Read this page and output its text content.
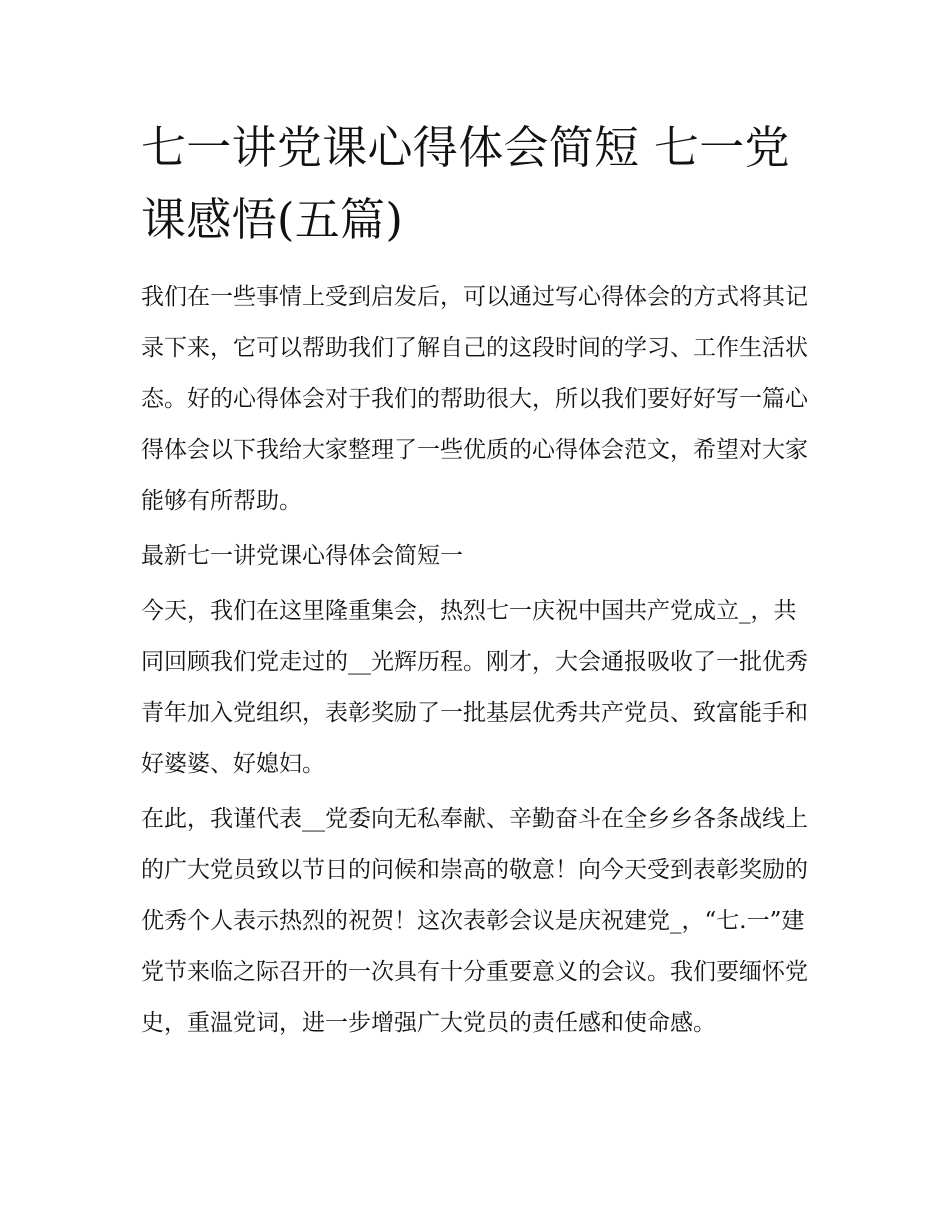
七一讲党课心得体会简短 七一党课感悟(五篇)

我们在一些事情上受到启发后，可以通过写心得体会的方式将其记录下来，它可以帮助我们了解自己的这段时间的学习、工作生活状态。好的心得体会对于我们的帮助很大，所以我们要好好写一篇心得体会以下我给大家整理了一些优质的心得体会范文，希望对大家能够有所帮助。

最新七一讲党课心得体会简短一

今天，我们在这里隆重集会，热烈七一庆祝中国共产党成立_，共同回顾我们党走过的__光辉历程。刚才，大会通报吸收了一批优秀青年加入党组织，表彰奖励了一批基层优秀共产党员、致富能手和好婆婆、好媳妇。

在此，我谨代表__党委向无私奉献、辛勤奋斗在全乡乡各条战线上的广大党员致以节日的问候和崇高的敬意！向今天受到表彰奖励的优秀个人表示热烈的祝贺！这次表彰会议是庆祝建党_，“七.一”建党节来临之际召开的一次具有十分重要意义的会议。我们要缅怀党史，重温党词，进一步增强广大党员的责任感和使命感。
